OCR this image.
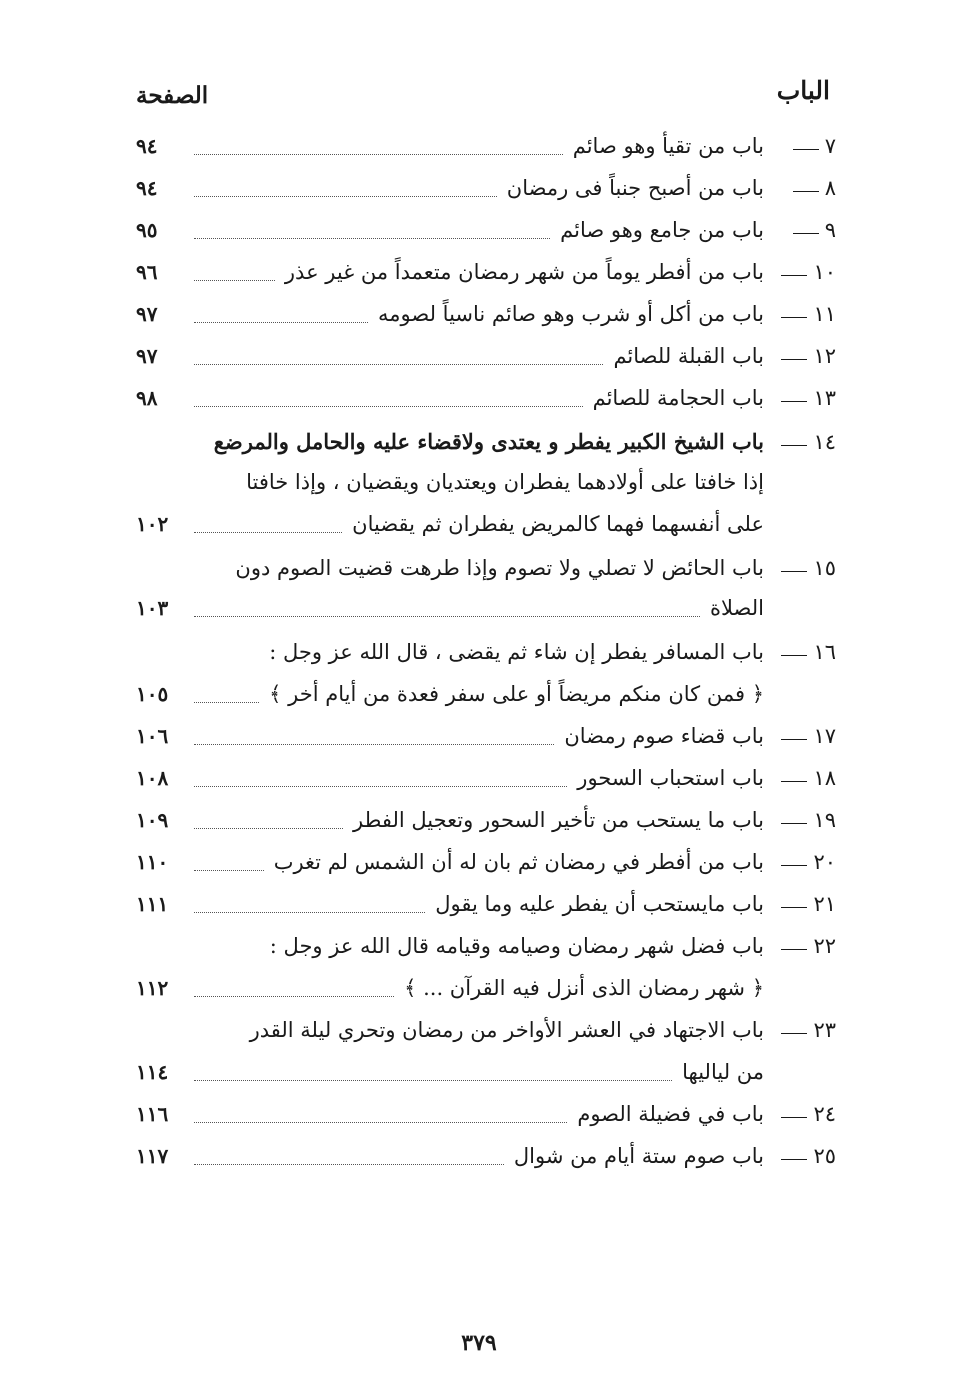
الباب
الصفحة
٧
باب من تقيأ وهو صائم
٩٤
٨
باب من أصبح جنباً فى رمضان
٩٤
٩
باب من جامع وهو صائم
٩٥
١٠
باب من أفطر يوماً من شهر رمضان متعمداً من غير عذر
٩٦
١١
باب من أكل أو شرب وهو صائم ناسياً لصومه
٩٧
١٢
باب القبلة للصائم
٩٧
١٣
باب الحجامة للصائم
٩٨
١٤
باب الشيخ الكبير يفطر و يعتدى ولاقضاء عليه والحامل والمرضع
إذا خافتا على أولادهما يفطران ويعتديان ويقضيان ، وإذا خافتا
على أنفسهما فهما كالمريض يفطران ثم يقضيان
١٠٢
١٥
باب الحائض لا تصلي ولا تصوم وإذا طرهت قضيت الصوم دون
الصلاة
١٠٣
١٦
باب المسافر يفطر إن شاء ثم يقضى ، قال الله عز وجل :
﴿ فمن كان منكم مريضاً أو على سفر فعدة من أيام أخر ﴾
١٠٥
١٧
باب قضاء صوم رمضان
١٠٦
١٨
باب استحباب السحور
١٠٨
١٩
باب ما يستحب من تأخير السحور وتعجيل الفطر
١٠٩
٢٠
باب من أفطر في رمضان ثم بان له أن الشمس لم تغرب
١١٠
٢١
باب مايستحب أن يفطر عليه وما يقول
١١١
٢٢
باب فضل شهر رمضان وصيامه وقيامه قال الله عز وجل :
﴿ شهر رمضان الذى أنزل فيه القرآن ... ﴾
١١٢
٢٣
باب الاجتهاد في العشر الأواخر من رمضان وتحري ليلة القدر
من لياليها
١١٤
٢٤
باب في فضيلة الصوم
١١٦
٢٥
باب صوم ستة أيام من شوال
١١٧
٣٧٩
